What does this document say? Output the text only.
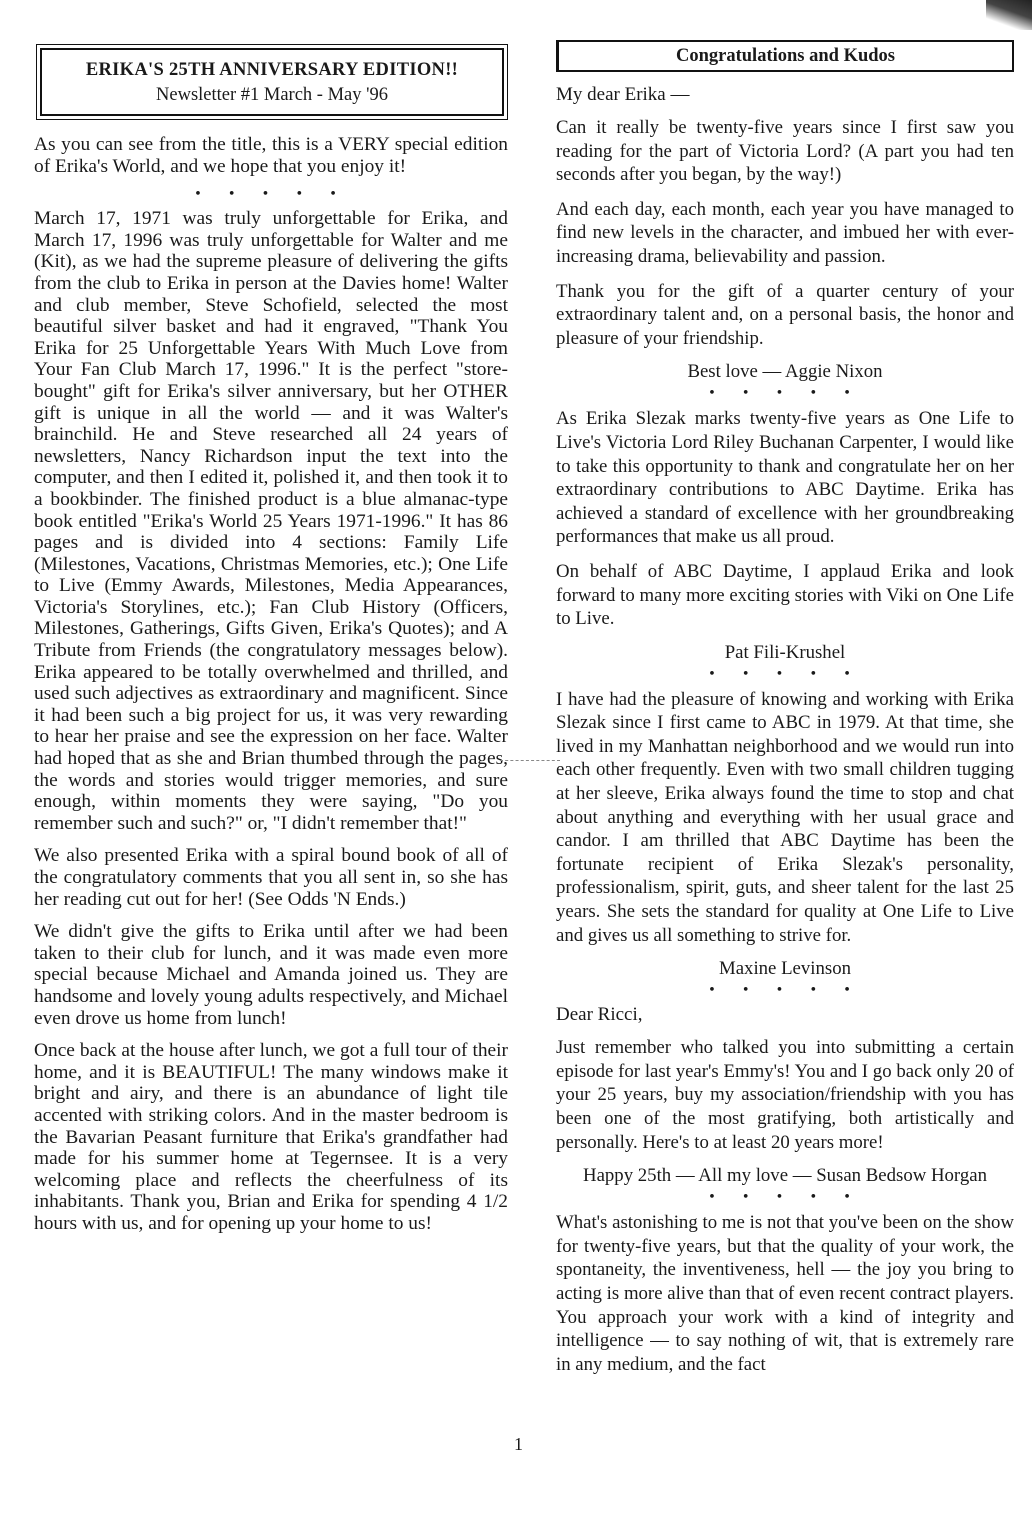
ERIKA'S 25TH ANNIVERSARY EDITION!!
Newsletter #1 March - May '96

As you can see from the title, this is a VERY special edition of Erika's World, and we hope that you enjoy it!

• • • • •

March 17, 1971 was truly unforgettable for Erika, and March 17, 1996 was truly unforgettable for Walter and me (Kit), as we had the supreme pleasure of delivering the gifts from the club to Erika in person at the Davies home! Walter and club member, Steve Schofield, selected the most beautiful silver basket and had it engraved, "Thank You Erika for 25 Unforgettable Years With Much Love from Your Fan Club March 17, 1996." It is the perfect "store-bought" gift for Erika's silver anniversary, but her OTHER gift is unique in all the world — and it was Walter's brainchild. He and Steve researched all 24 years of newsletters, Nancy Richardson input the text into the computer, and then I edited it, polished it, and then took it to a bookbinder. The finished product is a blue almanac-type book entitled "Erika's World 25 Years 1971-1996." It has 86 pages and is divided into 4 sections: Family Life (Milestones, Vacations, Christmas Memories, etc.); One Life to Live (Emmy Awards, Milestones, Media Appearances, Victoria's Storylines, etc.); Fan Club History (Officers, Milestones, Gatherings, Gifts Given, Erika's Quotes); and A Tribute from Friends (the congratulatory messages below). Erika appeared to be totally overwhelmed and thrilled, and used such adjectives as extraordinary and magnificent. Since it had been such a big project for us, it was very rewarding to hear her praise and see the expression on her face. Walter had hoped that as she and Brian thumbed through the pages, the words and stories would trigger memories, and sure enough, within moments they were saying, "Do you remember such and such?" or, "I didn't remember that!"

We also presented Erika with a spiral bound book of all of the congratulatory comments that you all sent in, so she has her reading cut out for her! (See Odds 'N Ends.)

We didn't give the gifts to Erika until after we had been taken to their club for lunch, and it was made even more special because Michael and Amanda joined us. They are handsome and lovely young adults respectively, and Michael even drove us home from lunch!

Once back at the house after lunch, we got a full tour of their home, and it is BEAUTIFUL! The many windows make it bright and airy, and there is an abundance of light tile accented with striking colors. And in the master bedroom is the Bavarian Peasant furniture that Erika's grandfather had made for his summer home at Tegernsee. It is a very welcoming place and reflects the cheerfulness of its inhabitants. Thank you, Brian and Erika for spending 4 1/2 hours with us, and for opening up your home to us!

Congratulations and Kudos
My dear Erika —

Can it really be twenty-five years since I first saw you reading for the part of Victoria Lord? (A part you had ten seconds after you began, by the way!)

And each day, each month, each year you have managed to find new levels in the character, and imbued her with ever-increasing drama, believability and passion.

Thank you for the gift of a quarter century of your extraordinary talent and, on a personal basis, the honor and pleasure of your friendship.

Best love — Aggie Nixon
• • • • •

As Erika Slezak marks twenty-five years as One Life to Live's Victoria Lord Riley Buchanan Carpenter, I would like to take this opportunity to thank and congratulate her on her extraordinary contributions to ABC Daytime. Erika has achieved a standard of excellence with her groundbreaking performances that make us all proud.

On behalf of ABC Daytime, I applaud Erika and look forward to many more exciting stories with Viki on One Life to Live.

Pat Fili-Krushel
• • • • •

I have had the pleasure of knowing and working with Erika Slezak since I first came to ABC in 1979. At that time, she lived in my Manhattan neighborhood and we would run into each other frequently. Even with two small children tugging at her sleeve, Erika always found the time to stop and chat about anything and everything with her usual grace and candor. I am thrilled that ABC Daytime has been the fortunate recipient of Erika Slezak's personality, professionalism, spirit, guts, and sheer talent for the last 25 years. She sets the standard for quality at One Life to Live and gives us all something to strive for.

Maxine Levinson
• • • • •
Dear Ricci,

Just remember who talked you into submitting a certain episode for last year's Emmy's! You and I go back only 20 of your 25 years, buy my association/friendship with you has been one of the most gratifying, both artistically and personally. Here's to at least 20 years more!

Happy 25th — All my love — Susan Bedsow Horgan
• • • • •

What's astonishing to me is not that you've been on the show for twenty-five years, but that the quality of your work, the spontaneity, the inventiveness, hell — the joy you bring to acting is more alive than that of even recent contract players. You approach your work with a kind of integrity and intelligence — to say nothing of wit, that is extremely rare in any medium, and the fact

1
